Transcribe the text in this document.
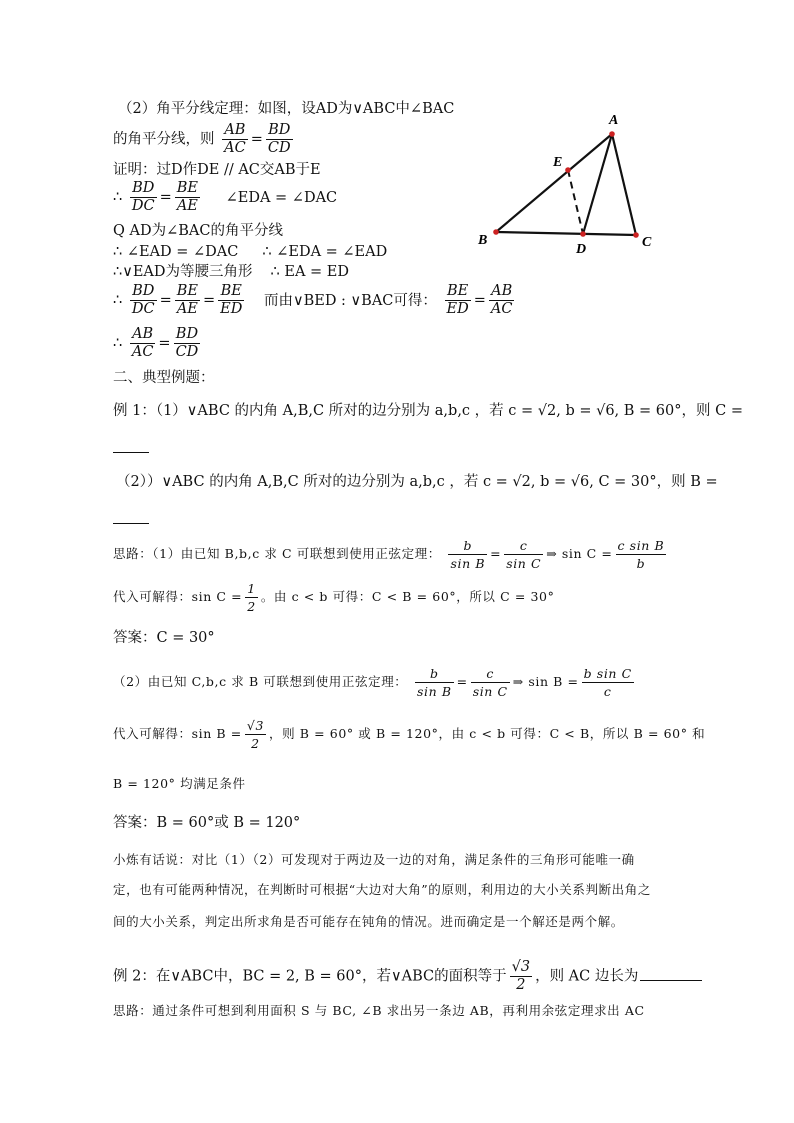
（2）角平分线定理：如图，设AD为∨ABC中∠BAC
的角平分线，则 $\frac{AB}{AC} = \frac{BD}{CD}$
证明：过D作DE // AC交AB于E
∴ $\frac{BD}{DC} = \frac{BE}{AE}$ ∠EDA = ∠DAC
Q AD为∠BAC的角平分线
∴ ∠EAD = ∠DAC ∴ ∠EDA = ∠EAD
∴∨EAD为等腰三角形 ∴ EA = ED
∴ $\frac{BD}{DC} = \frac{BE}{AE} = \frac{BE}{ED}$ 而由∨BED : ∨BAC可得： $\frac{BE}{ED} = \frac{AB}{AC}$
∴ $\frac{AB}{AC} = \frac{BD}{CD}$
A
B	C
D
E
二、典型例题：
例 1：（1）∨ABC 的内角 A,B,C 所对的边分别为 a,b,c ，若 c = √2, b = √6, B = 60°，则 C =
（2））∨ABC 的内角 A,B,C 所对的边分别为 a,b,c ，若 c = √2, b = √6, C = 30°，则 B =
思路：（1）由已知 B,b,c 求 C 可联想到使用正弦定理： $\frac{b}{\text{sin B}} = \frac{c}{\text{sin C}}$ ⇒ $\sin C = \frac{\text{c sin B}}{b}$
代入可解得：$\sin C = \frac{1}{2}$ 。由 c < b 可得：C < B = 60°，所以 C = 30°
答案：C = 30°
（2）由已知 C,b,c 求 B 可联想到使用正弦定理： $\frac{b}{\text{sin B}} = \frac{c}{\text{sin C}}$ ⇒ $\sin B = \frac{\text{b sin C}}{c}$
代入可解得：$\sin B = \frac{√3}{2}$ ，则 B = 60° 或 B = 120°，由 c < b 可得：C < B，所以 B = 60° 和
B = 120° 均满足条件
答案：B = 60°或 B = 120°
小炼有话说：对比（1）（2）可发现对于两边及一边的对角，满足条件的三角形可能唯一确
定，也有可能两种情况，在判断时可根据“大边对大角”的原则，利用边的大小关系判断出角之
间的大小关系，判定出所求角是否可能存在钝角的情况。进而确定是一个解还是两个解。
例 2：在∨ABC中，BC = 2, B = 60°，若∨ABC的面积等于 $\frac{√3}{2}$ ，则 AC 边长为
思路：通过条件可想到利用面积 S 与 BC, ∠B 求出另一条边 AB，再利用余弦定理求出 AC
